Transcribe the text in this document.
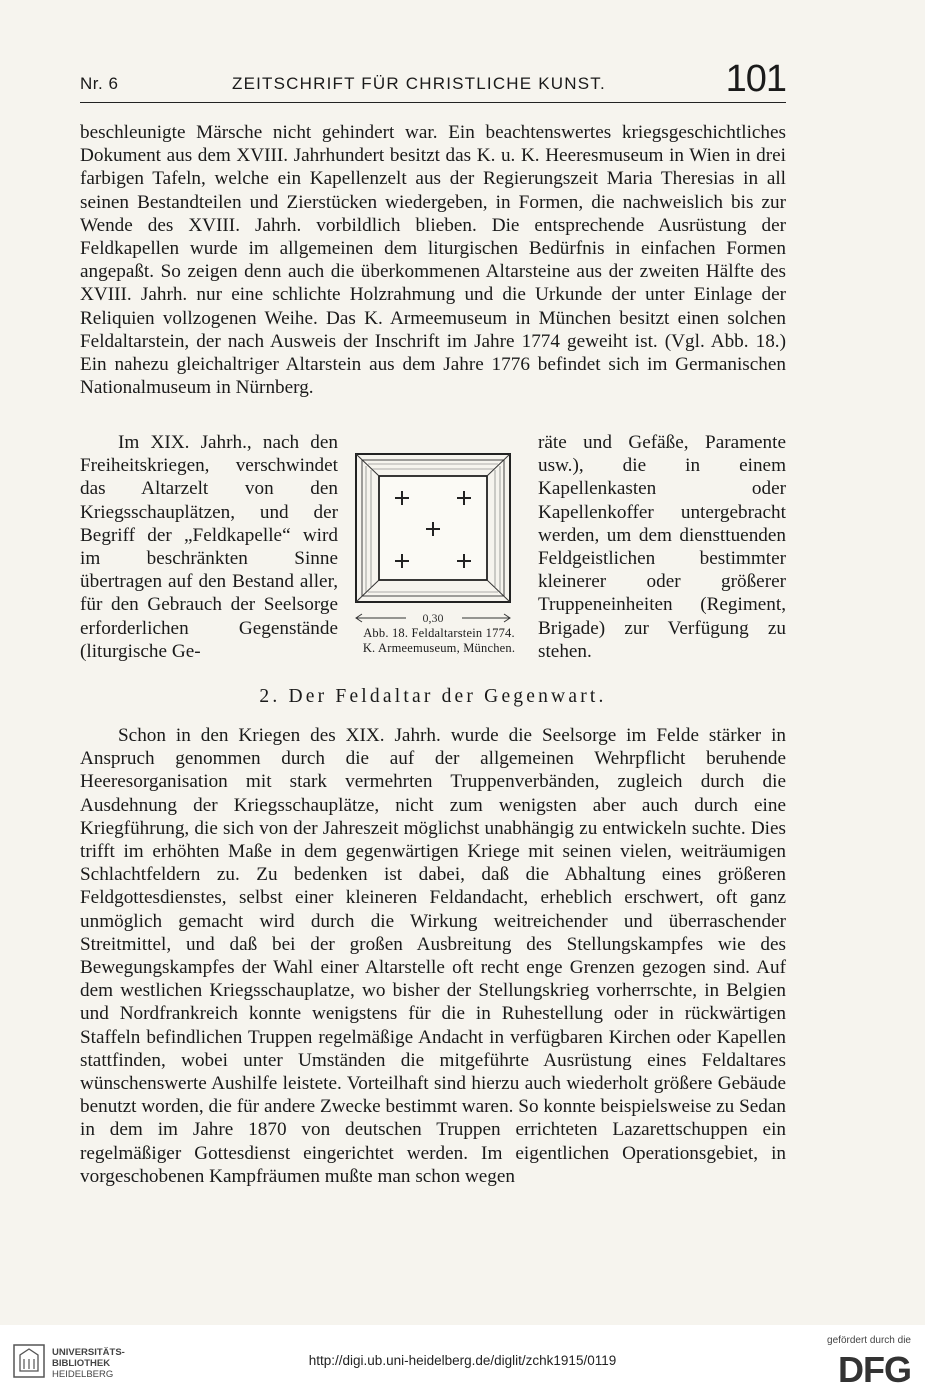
Nr. 6	ZEITSCHRIFT FÜR CHRISTLICHE KUNST.	101

beschleunigte Märsche nicht gehindert war. Ein beachtenswertes kriegsgeschichtliches Dokument aus dem XVIII. Jahrhundert besitzt das K. u. K. Heeresmuseum in Wien in drei farbigen Tafeln, welche ein Kapellenzelt aus der Regierungszeit Maria Theresias in all seinen Bestandteilen und Zierstücken wiedergeben, in Formen, die nachweislich bis zur Wende des XVIII. Jahrh. vorbildlich blieben. Die entsprechende Ausrüstung der Feldkapellen wurde im allgemeinen dem liturgischen Bedürfnis in einfachen Formen angepaßt. So zeigen denn auch die überkommenen Altarsteine aus der zweiten Hälfte des XVIII. Jahrh. nur eine schlichte Holzrahmung und die Urkunde der unter Einlage der Reliquien vollzogenen Weihe. Das K. Armeemuseum in München besitzt einen solchen Feldaltarstein, der nach Ausweis der Inschrift im Jahre 1774 geweiht ist. (Vgl. Abb. 18.) Ein nahezu gleichaltriger Altarstein aus dem Jahre 1776 befindet sich im Germanischen Nationalmuseum in Nürnberg.

Im XIX. Jahrh., nach den Freiheitskriegen, verschwindet das Altarzelt von den Kriegsschauplätzen, und der Begriff der „Feldkapelle“ wird im beschränkten Sinne übertragen auf den Bestand aller, für den Gebrauch der Seelsorge erforderlichen Gegenstände (liturgische Ge-

0,30
Abb. 18. Feldaltarstein 1774.
K. Armeemuseum, München.

räte und Gefäße, Paramente usw.), die in einem Kapellenkasten oder Kapellenkoffer untergebracht werden, um dem diensttuenden Feldgeistlichen bestimmter kleinerer oder größerer Truppeneinheiten (Regiment, Brigade) zur Verfügung zu stehen.

2. Der Feldaltar der Gegenwart.

Schon in den Kriegen des XIX. Jahrh. wurde die Seelsorge im Felde stärker in Anspruch genommen durch die auf der allgemeinen Wehrpflicht beruhende Heeresorganisation mit stark vermehrten Truppenverbänden, zugleich durch die Ausdehnung der Kriegsschauplätze, nicht zum wenigsten aber auch durch eine Kriegführung, die sich von der Jahreszeit möglichst unabhängig zu entwickeln suchte. Dies trifft im erhöhten Maße in dem gegenwärtigen Kriege mit seinen vielen, weiträumigen Schlachtfeldern zu. Zu bedenken ist dabei, daß die Abhaltung eines größeren Feldgottesdienstes, selbst einer kleineren Feldandacht, erheblich erschwert, oft ganz unmöglich gemacht wird durch die Wirkung weitreichender und überraschender Streitmittel, und daß bei der großen Ausbreitung des Stellungskampfes wie des Bewegungskampfes der Wahl einer Altarstelle oft recht enge Grenzen gezogen sind. Auf dem westlichen Kriegsschauplatze, wo bisher der Stellungskrieg vorherrschte, in Belgien und Nordfrankreich konnte wenigstens für die in Ruhestellung oder in rückwärtigen Staffeln befindlichen Truppen regelmäßige Andacht in verfügbaren Kirchen oder Kapellen stattfinden, wobei unter Umständen die mitgeführte Ausrüstung eines Feldaltares wünschenswerte Aushilfe leistete. Vorteilhaft sind hierzu auch wiederholt größere Gebäude benutzt worden, die für andere Zwecke bestimmt waren. So konnte beispielsweise zu Sedan in dem im Jahre 1870 von deutschen Truppen errichteten Lazarettschuppen ein regelmäßiger Gottesdienst eingerichtet werden. Im eigentlichen Operationsgebiet, in vorgeschobenen Kampfräumen mußte man schon wegen

UNIVERSITÄTS-
BIBLIOTHEK
HEIDELBERG
http://digi.ub.uni-heidelberg.de/diglit/zchk1915/0119
gefördert durch die
DFG
